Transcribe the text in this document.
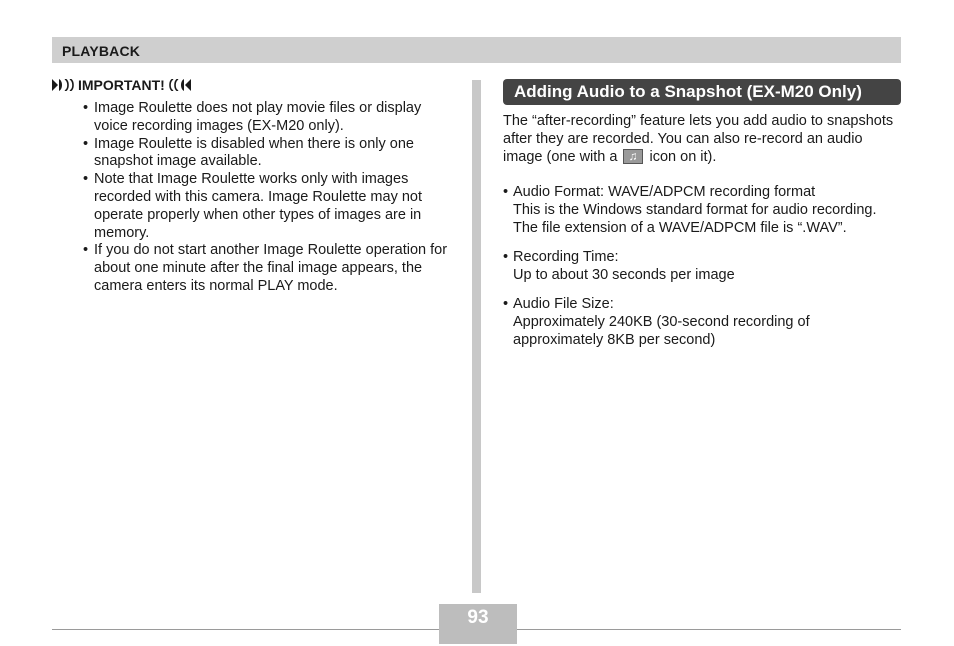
PLAYBACK
IMPORTANT!
• Image Roulette does not play movie files or display voice recording images (EX-M20 only).
• Image Roulette is disabled when there is only one snapshot image available.
• Note that Image Roulette works only with images recorded with this camera. Image Roulette may not operate properly when other types of images are in memory.
• If you do not start another Image Roulette operation for about one minute after the final image appears, the camera enters its normal PLAY mode.
Adding Audio to a Snapshot (EX-M20 Only)
The “after-recording” feature lets you add audio to snapshots after they are recorded. You can also re-record an audio image (one with a ♫ icon on it).
• Audio Format: WAVE/ADPCM recording format
This is the Windows standard format for audio recording.
The file extension of a WAVE/ADPCM file is “.WAV”.
• Recording Time:
Up to about 30 seconds per image
• Audio File Size:
Approximately 240KB (30-second recording of
approximately 8KB per second)
93
